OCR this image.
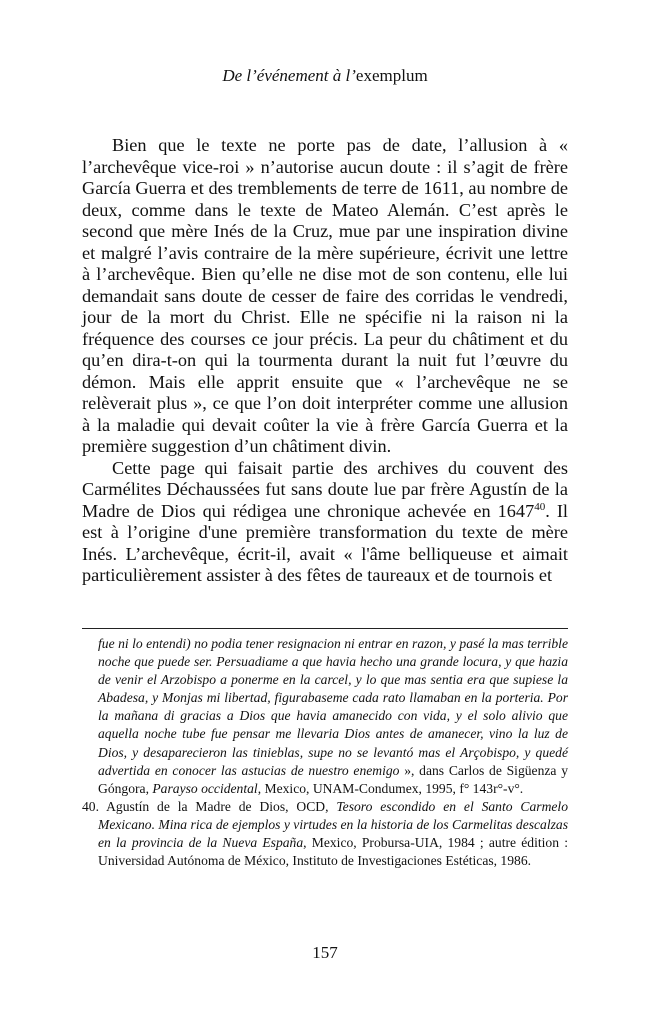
De l’événement à l’exemplum

Bien que le texte ne porte pas de date, l’allusion à « l’archevêque vice-roi » n’autorise aucun doute : il s’agit de frère García Guerra et des tremblements de terre de 1611, au nombre de deux, comme dans le texte de Mateo Alemán. C’est après le second que mère Inés de la Cruz, mue par une inspiration divine et malgré l’avis contraire de la mère supérieure, écrivit une lettre à l’archevêque. Bien qu’elle ne dise mot de son contenu, elle lui demandait sans doute de cesser de faire des corridas le vendredi, jour de la mort du Christ. Elle ne spécifie ni la raison ni la fréquence des courses ce jour précis. La peur du châtiment et du qu’en dira-t-on qui la tourmenta durant la nuit fut l’œuvre du démon. Mais elle apprit ensuite que « l’archevêque ne se relèverait plus », ce que l’on doit interpréter comme une allusion à la maladie qui devait coûter la vie à frère García Guerra et la première suggestion d’un châtiment divin.

Cette page qui faisait partie des archives du couvent des Carmélites Déchaussées fut sans doute lue par frère Agustín de la Madre de Dios qui rédigea une chronique achevée en 1647$^{40}$. Il est à l’origine d'une première transformation du texte de mère Inés. L’archevêque, écrit-il, avait « l'âme belliqueuse et aimait particulièrement assister à des fêtes de taureaux et de tournois et

fue ni lo entendi) no podia tener resignacion ni entrar en razon, y pasé la mas terrible noche que puede ser. Persuadiame a que havia hecho una grande locura, y que hazia de venir el Arzobispo a ponerme en la carcel, y lo que mas sentia era que supiese la Abadesa, y Monjas mi libertad, figurabaseme cada rato llamaban en la porteria. Por la mañana di gracias a Dios que havia amanecido con vida, y el solo alivio que aquella noche tube fue pensar me llevaria Dios antes de amanecer, vino la luz de Dios, y desaparecieron las tinieblas, supe no se levantó mas el Arçobispo, y quedé advertida en conocer las astucias de nuestro enemigo », dans Carlos de Sigüenza y Góngora, Parayso occidental, Mexico, UNAM-Condumex, 1995, f° 143r°-v°.

40. Agustín de la Madre de Dios, OCD, Tesoro escondido en el Santo Carmelo Mexicano. Mina rica de ejemplos y virtudes en la historia de los Carmelitas descalzas en la provincia de la Nueva España, Mexico, Probursa-UIA, 1984 ; autre édition : Universidad Autónoma de México, Instituto de Investigaciones Estéticas, 1986.

157
